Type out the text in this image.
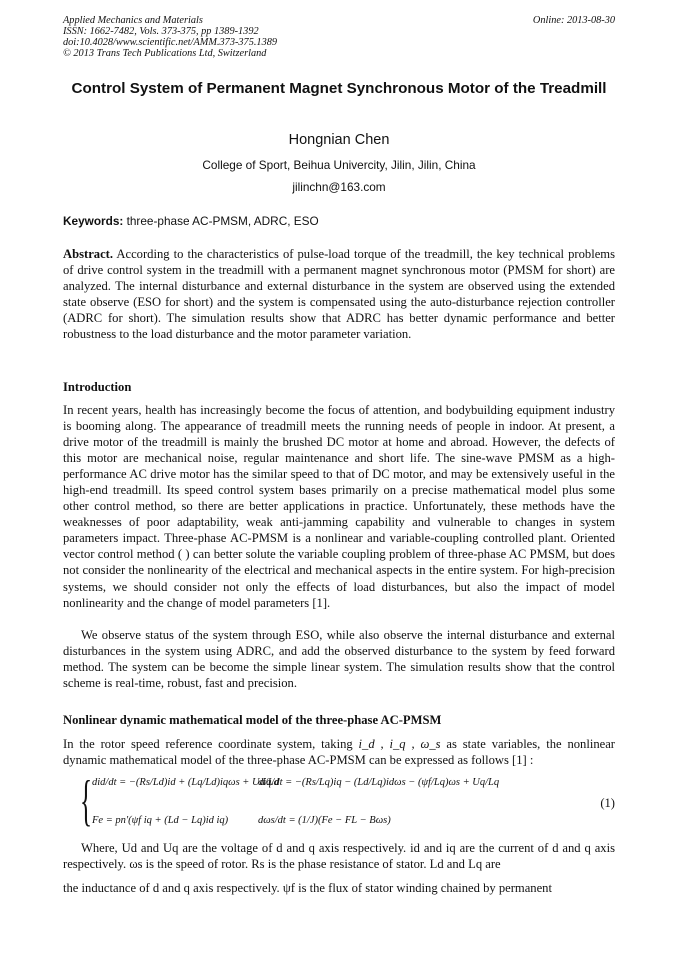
Applied Mechanics and Materials
ISSN: 1662-7482, Vols. 373-375, pp 1389-1392
doi:10.4028/www.scientific.net/AMM.373-375.1389
© 2013 Trans Tech Publications Ltd, Switzerland
Online: 2013-08-30
Control System of Permanent Magnet Synchronous Motor of the Treadmill
Hongnian Chen
College of Sport, Beihua Univercity, Jilin, Jilin, China
jilinchn@163.com
Keywords: three-phase AC-PMSM, ADRC, ESO
Abstract. According to the characteristics of pulse-load torque of the treadmill, the key technical problems of drive control system in the treadmill with a permanent magnet synchronous motor (PMSM for short) are analyzed. The internal disturbance and external disturbance in the system are observed using the extended state observe (ESO for short) and the system is compensated using the auto-disturbance rejection controller (ADRC for short). The simulation results show that ADRC has better dynamic performance and better robustness to the load disturbance and the motor parameter variation.
Introduction
In recent years, health has increasingly become the focus of attention, and bodybuilding equipment industry is booming along. The appearance of treadmill meets the running needs of people in indoor. At present, a drive motor of the treadmill is mainly the brushed DC motor at home and abroad. However, the defects of this motor are mechanical noise, regular maintenance and short life. The sine-wave PMSM as a high-performance AC drive motor has the similar speed to that of DC motor, and may be extensively useful in the high-end treadmill. Its speed control system bases primarily on a precise mathematical model plus some other control method, so there are better applications in practice. Unfortunately, these methods have the weaknesses of poor adaptability, weak anti-jamming capability and vulnerable to changes in system parameters impact. Three-phase AC-PMSM is a nonlinear and variable-coupling controlled plant. Oriented vector control method ( ) can better solute the variable coupling problem of three-phase AC PMSM, but does not consider the nonlinearity of the electrical and mechanical aspects in the entire system. For high-precision systems, we should consider not only the effects of load disturbances, but also the impact of model nonlinearity and the change of model parameters [1].
We observe status of the system through ESO, while also observe the internal disturbance and external disturbances in the system using ADRC, and add the observed disturbance to the system by feed forward method. The system can be become the simple linear system. The simulation results show that the control scheme is real-time, robust, fast and precision.
Nonlinear dynamic mathematical model of the three-phase AC-PMSM
In the rotor speed reference coordinate system, taking i_d , i_q , ω_s as state variables, the nonlinear dynamic mathematical model of the three-phase AC-PMSM can be expressed as follows [1] :
{ did/dt = −(Rs/Ld)id + (Lq/Ld)iqωs + Ud/Ld
diq/dt = −(Rs/Lq)iq − (Ld/Lq)idωs − (ψf/Lq)ωs + Uq/Lq
Fe = pn'(ψf iq + (Ld − Lq)id iq)	dωs/dt = (1/J)(Fe − FL − Bωs)
(1)
Where, Ud and Uq are the voltage of d and q axis respectively. id and iq are the current of d and q axis respectively. ωs is the speed of rotor. Rs is the phase resistance of stator. Ld and Lq are
the inductance of d and q axis respectively. ψf is the flux of stator winding chained by permanent
